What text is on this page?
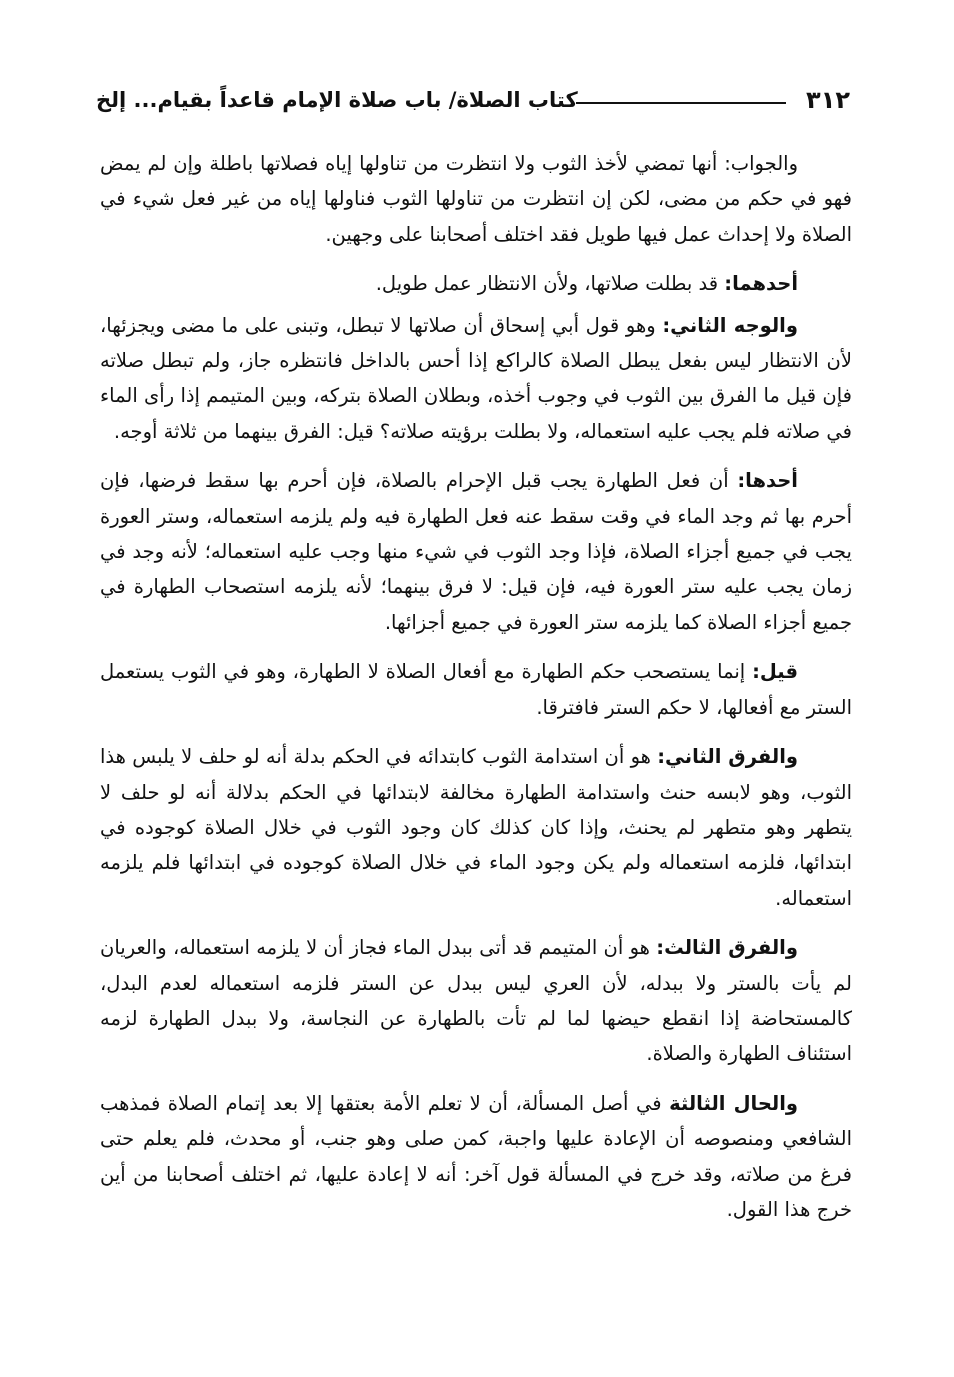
٣١٢
كتاب الصلاة/ باب صلاة الإمام قاعداً بقيام... إلخ

والجواب: أنها تمضي لأخذ الثوب ولا انتظرت من تناولها إياه فصلاتها باطلة وإن لم يمض فهو في حكم من مضى، لكن إن انتظرت من تناولها الثوب فناولها إياه من غير فعل شيء في الصلاة ولا إحداث عمل فيها طويل فقد اختلف أصحابنا على وجهين.

أحدهما: قد بطلت صلاتها، ولأن الانتظار عمل طويل.

والوجه الثاني: وهو قول أبي إسحاق أن صلاتها لا تبطل، وتبنى على ما مضى ويجزئها، لأن الانتظار ليس بفعل يبطل الصلاة كالراكع إذا أحس بالداخل فانتظره جاز، ولم تبطل صلاته فإن قيل ما الفرق بين الثوب في وجوب أخذه، وبطلان الصلاة بتركه، وبين المتيمم إذا رأى الماء في صلاته فلم يجب عليه استعماله، ولا بطلت برؤيته صلاته؟ قيل: الفرق بينهما من ثلاثة أوجه.

أحدها: أن فعل الطهارة يجب قبل الإحرام بالصلاة، فإن أحرم بها سقط فرضها، فإن أحرم بها ثم وجد الماء في وقت سقط عنه فعل الطهارة فيه ولم يلزمه استعماله، وستر العورة يجب في جميع أجزاء الصلاة، فإذا وجد الثوب في شيء منها وجب عليه استعماله؛ لأنه وجد في زمان يجب عليه ستر العورة فيه، فإن قيل: لا فرق بينهما؛ لأنه يلزمه استصحاب الطهارة في جميع أجزاء الصلاة كما يلزمه ستر العورة في جميع أجزائها.

قيل: إنما يستصحب حكم الطهارة مع أفعال الصلاة لا الطهارة، وهو في الثوب يستعمل الستر مع أفعالها، لا حكم الستر فافترقا.

والفرق الثاني: هو أن استدامة الثوب كابتدائه في الحكم بدلة أنه لو حلف لا يلبس هذا الثوب، وهو لابسه حنث واستدامة الطهارة مخالفة لابتدائها في الحكم بدلالة أنه لو حلف لا يتطهر وهو متطهر لم يحنث، وإذا كان كذلك كان وجود الثوب في خلال الصلاة كوجوده في ابتدائها، فلزمه استعماله ولم يكن وجود الماء في خلال الصلاة كوجوده في ابتدائها فلم يلزمه استعماله.

والفرق الثالث: هو أن المتيمم قد أتى ببدل الماء فجاز أن لا يلزمه استعماله، والعريان لم يأت بالستر ولا ببدله، لأن العري ليس ببدل عن الستر فلزمه استعماله لعدم البدل، كالمستحاضة إذا انقطع حيضها لما لم تأت بالطهارة عن النجاسة، ولا ببدل الطهارة لزمه استئناف الطهارة والصلاة.

والحال الثالثة في أصل المسألة، أن لا تعلم الأمة بعتقها إلا بعد إتمام الصلاة فمذهب الشافعي ومنصوصه أن الإعادة عليها واجبة، كمن صلى وهو جنب، أو محدث، فلم يعلم حتى فرغ من صلاته، وقد خرج في المسألة قول آخر: أنه لا إعادة عليها، ثم اختلف أصحابنا من أين خرج هذا القول.
